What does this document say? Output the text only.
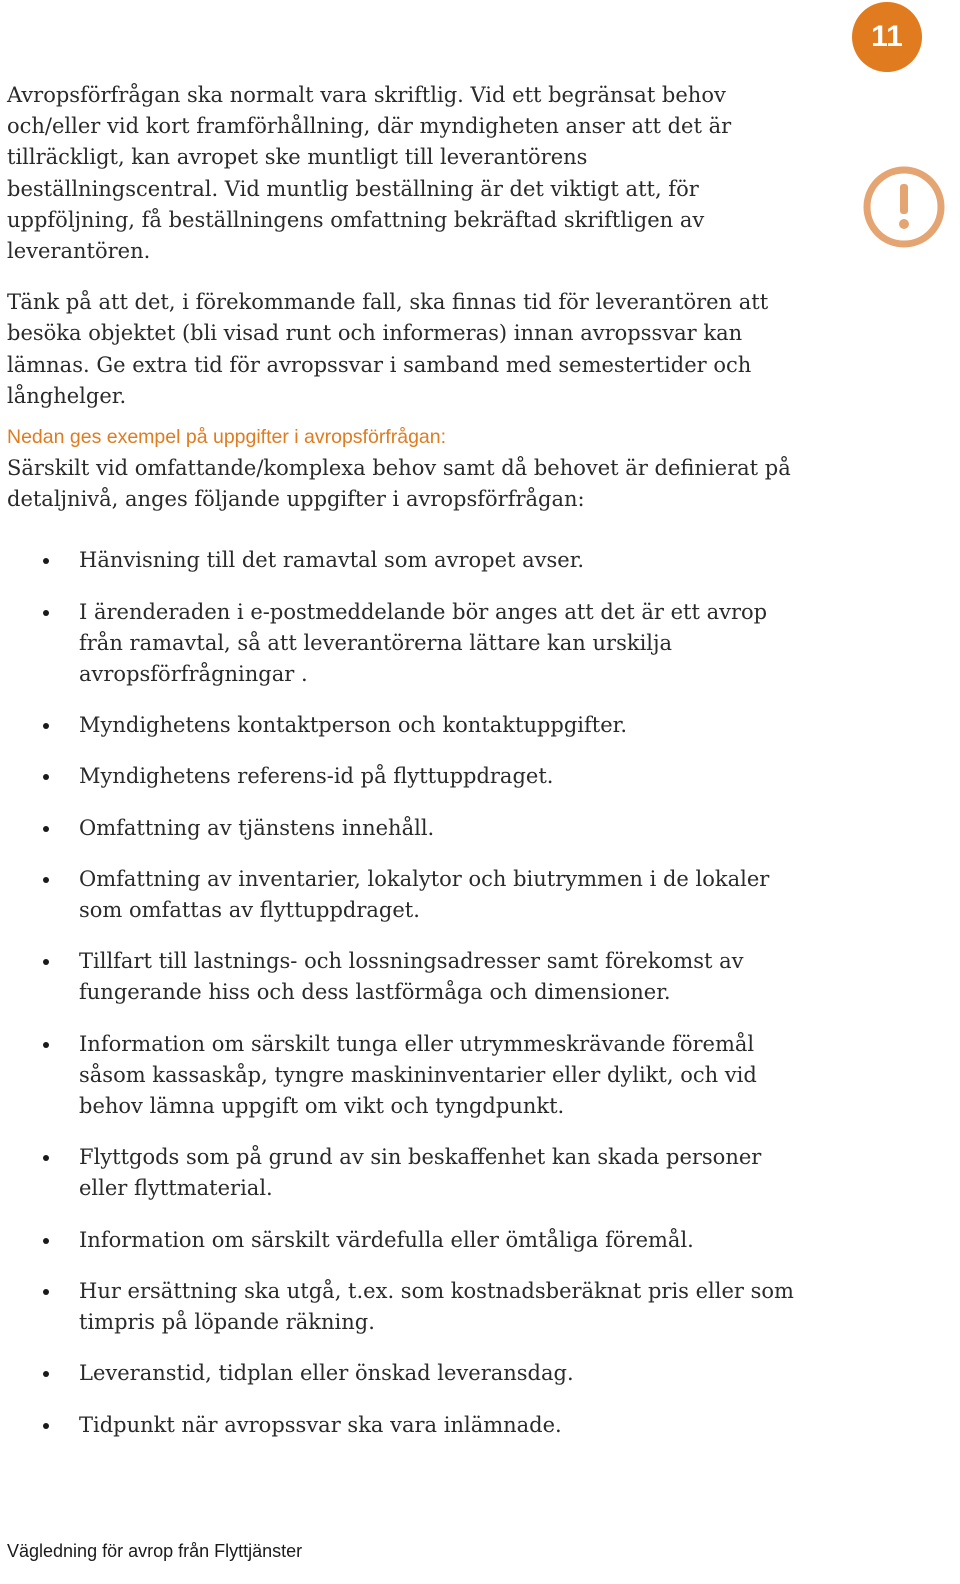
11

Avropsförfrågan ska normalt vara skriftlig. Vid ett begränsat behov och/eller vid kort framförhållning, där myndigheten anser att det är tillräckligt, kan avropet ske muntligt till leverantörens beställningscentral. Vid muntlig beställning är det viktigt att, för uppföljning, få beställningens omfattning bekräftad skriftligen av leverantören.

Tänk på att det, i förekommande fall, ska finnas tid för leverantören att besöka objektet (bli visad runt och informeras) innan avropssvar kan lämnas. Ge extra tid för avropssvar i samband med semestertider och långhelger.

Nedan ges exempel på uppgifter i avropsförfrågan:

Särskilt vid omfattande/komplexa behov samt då behovet är definierat på detaljnivå, anges följande uppgifter i avropsförfrågan:

Hänvisning till det ramavtal som avropet avser.
I ärenderaden i e-postmeddelande bör anges att det är ett avrop från ramavtal, så att leverantörerna lättare kan urskilja avropsförfrågningar .
Myndighetens kontaktperson och kontaktuppgifter.
Myndighetens referens-id på flyttuppdraget.
Omfattning av tjänstens innehåll.
Omfattning av inventarier, lokalytor och biutrymmen i de lokaler som omfattas av flyttuppdraget.
Tillfart till lastnings- och lossningsadresser samt förekomst av fungerande hiss och dess lastförmåga och dimensioner.
Information om särskilt tunga eller utrymmeskrävande föremål såsom kassaskåp, tyngre maskininventarier eller dylikt, och vid behov lämna uppgift om vikt och tyngdpunkt.
Flyttgods som på grund av sin beskaffenhet kan skada personer eller flyttmaterial.
Information om särskilt värdefulla eller ömtåliga föremål.
Hur ersättning ska utgå, t.ex. som kostnadsberäknat pris eller som timpris på löpande räkning.
Leveranstid, tidplan eller önskad leveransdag.
Tidpunkt när avropssvar ska vara inlämnade.
Vägledning för avrop från Flyttjänster
